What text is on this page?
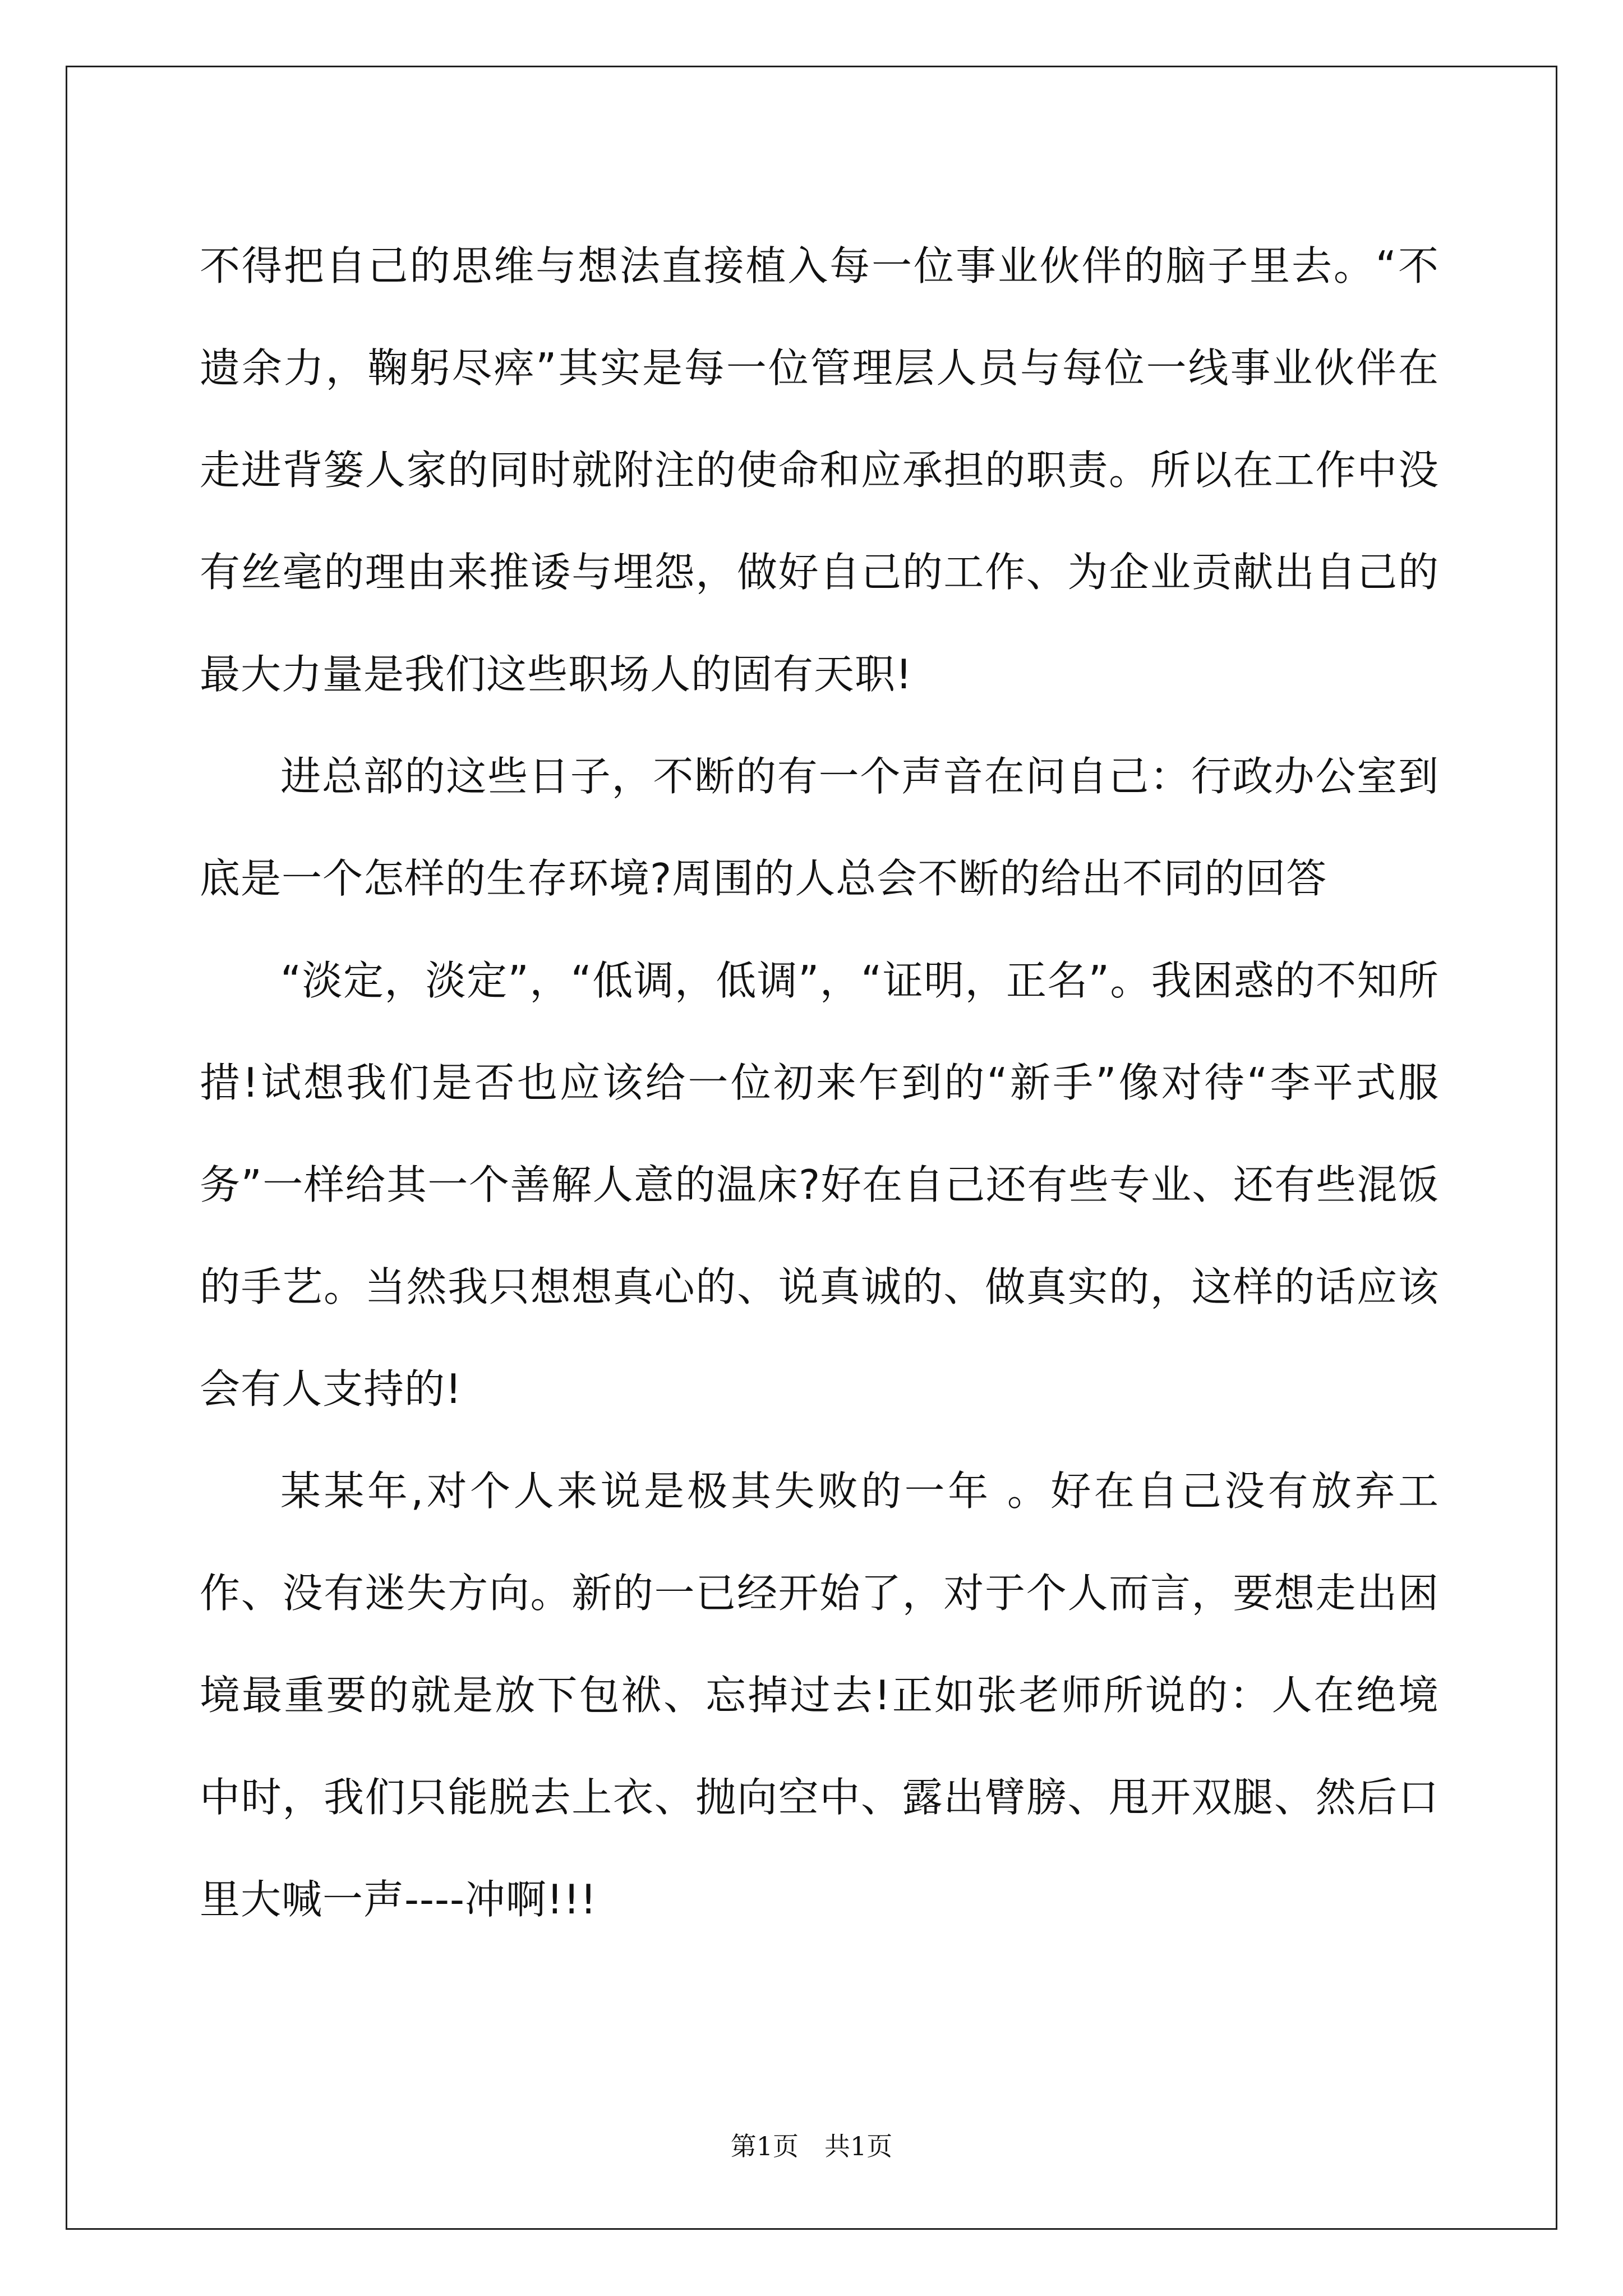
不得把自己的思维与想法直接植入每一位事业伙伴的脑子里去。“不遗余力，鞠躬尽瘁”其实是每一位管理层人员与每位一线事业伙伴在走进背篓人家的同时就附注的使命和应承担的职责。所以在工作中没有丝毫的理由来推诿与埋怨，做好自己的工作、为企业贡献出自己的最大力量是我们这些职场人的固有天职!

进总部的这些日子，不断的有一个声音在问自己：行政办公室到底是一个怎样的生存环境?周围的人总会不断的给出不同的回答

“淡定，淡定”，“低调，低调”，“证明，正名”。我困惑的不知所措!试想我们是否也应该给一位初来乍到的“新手”像对待“李平式服务”一样给其一个善解人意的温床?好在自己还有些专业、还有些混饭的手艺。当然我只想想真心的、说真诚的、做真实的，这样的话应该会有人支持的!

某某年,对个人来说是极其失败的一年 。好在自己没有放弃工作、没有迷失方向。新的一已经开始了，对于个人而言，要想走出困境最重要的就是放下包袱、忘掉过去!正如张老师所说的：人在绝境中时，我们只能脱去上衣、抛向空中、露出臂膀、甩开双腿、然后口里大喊一声----冲啊!!!

第1页　共1页
